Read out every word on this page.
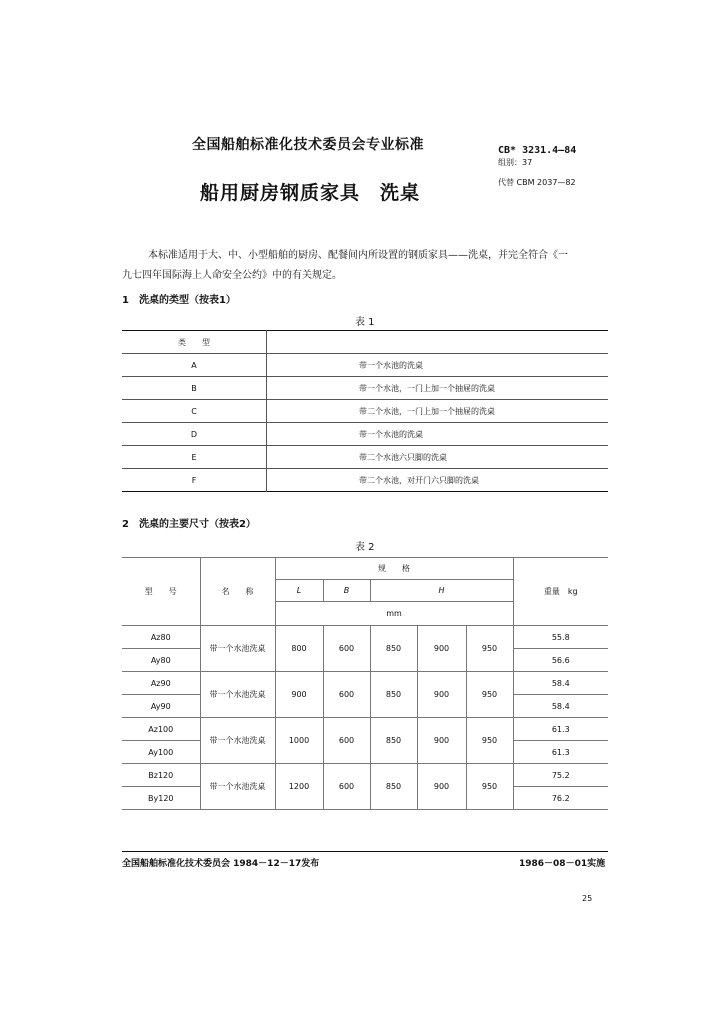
全国船舶标准化技术委员会专业标准	CB* 3231.4—84
组别：37
船用厨房钢质家具　洗桌	代替 CBM 2037—82
本标准适用于大、中、小型船舶的厨房、配餐间内所设置的钢质家具——洗桌，并完全符合《一
九七四年国际海上人命安全公约》中的有关规定。
1　洗桌的类型（按表1）
表 1
类　　型	
A	带一个水池的洗桌
B	带一个水池，一门上加一个抽屉的洗桌
C	带二个水池，一门上加一个抽屉的洗桌
D	带一个水池的洗桌
E	带二个水池六只脚的洗桌
F	带二个水池，对开门六只脚的洗桌
2　洗桌的主要尺寸（按表2）
表 2
型　　号	名　　称	规　　格					重量　kg
		L	B	H			
		mm					
Az80	带一个水池洗桌	800	600	850	900	950	55.8
Ay80							56.6
Az90	带一个水池洗桌	900	600	850	900	950	58.4
Ay90							58.4
Az100	带一个水池洗桌	1000	600	850	900	950	61.3
Ay100							61.3
Bz120	带一个水池洗桌	1200	600	850	900	950	75.2
By120							76.2
全国船舶标准化技术委员会 1984－12－17发布	1986－08－01实施
25
